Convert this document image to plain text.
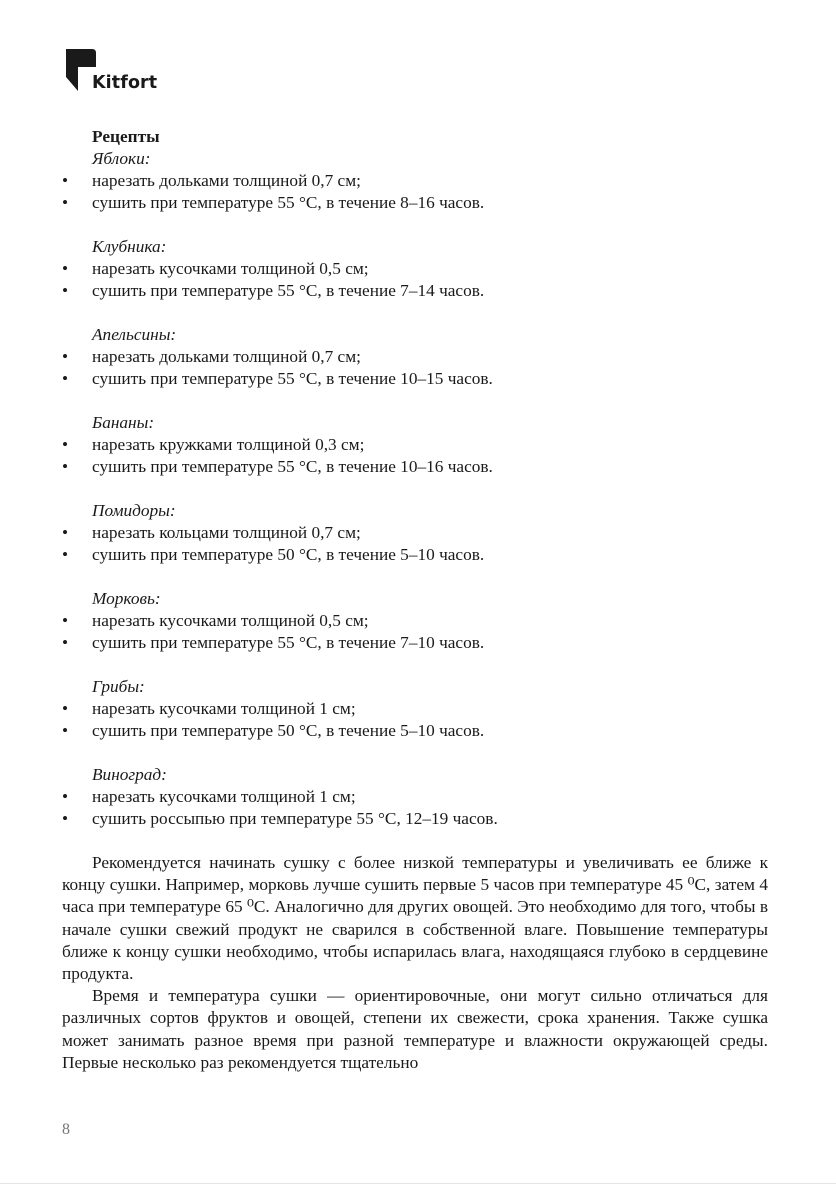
Kitfort
Рецепты
Яблоки:
•	нарезать дольками толщиной 0,7 см;
•	сушить при температуре 55 °С, в течение 8–16 часов.
Клубника:
•	нарезать кусочками толщиной 0,5 см;
•	сушить при температуре 55 °С, в течение 7–14 часов.
Апельсины:
•	нарезать дольками толщиной 0,7 см;
•	сушить при температуре 55 °С, в течение 10–15 часов.
Бананы:
•	нарезать кружками толщиной 0,3 см;
•	сушить при температуре 55 °С, в течение 10–16 часов.
Помидоры:
•	нарезать кольцами толщиной 0,7 см;
•	сушить при температуре 50 °С, в течение 5–10 часов.
Морковь:
•	нарезать кусочками толщиной 0,5 см;
•	сушить при температуре 55 °С, в течение 7–10 часов.
Грибы:
•	нарезать кусочками толщиной 1 см;
•	сушить при температуре 50 °С, в течение 5–10 часов.
Виноград:
•	нарезать кусочками толщиной 1 см;
•	сушить россыпью при температуре 55 °С, 12–19 часов.

Рекомендуется начинать сушку с более низкой температуры и увеличивать ее ближе к концу сушки. Например, морковь лучше сушить первые 5 часов при температуре 45 ⁰С, затем 4 часа при температуре 65 ⁰С. Аналогично для других овощей. Это необходимо для того, чтобы в начале сушки свежий продукт не сварился в собственной влаге. Повышение температуры ближе к концу сушки необходимо, чтобы испарилась влага, находящаяся глубоко в сердцевине продукта.

Время и температура сушки — ориентировочные, они могут сильно отличаться для различных сортов фруктов и овощей, степени их свежести, срока хранения. Также сушка может занимать разное время при разной температуре и влажности окружающей среды. Первые несколько раз рекомендуется тщательно

8
